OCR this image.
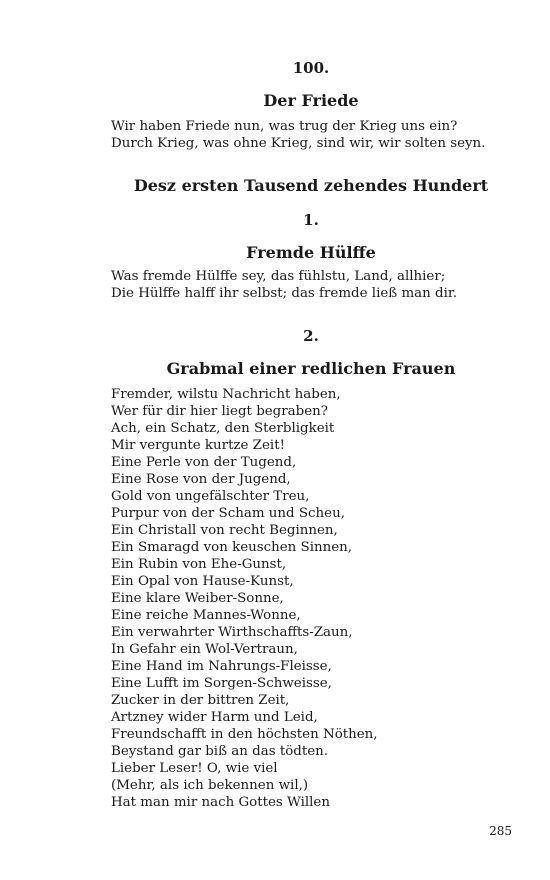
100.
Der Friede
Wir haben Friede nun, was trug der Krieg uns ein?
Durch Krieg, was ohne Krieg, sind wir, wir solten seyn.
Desz ersten Tausend zehendes Hundert
1.
Fremde Hülffe
Was fremde Hülffe sey, das fühlstu, Land, allhier;
Die Hülffe halff ihr selbst; das fremde ließ man dir.
2.
Grabmal einer redlichen Frauen
Fremder, wilstu Nachricht haben,
Wer für dir hier liegt begraben?
Ach, ein Schatz, den Sterbligkeit
Mir vergunte kurtze Zeit!
Eine Perle von der Tugend,
Eine Rose von der Jugend,
Gold von ungefälschter Treu,
Purpur von der Scham und Scheu,
Ein Christall von recht Beginnen,
Ein Smaragd von keuschen Sinnen,
Ein Rubin von Ehe-Gunst,
Ein Opal von Hause-Kunst,
Eine klare Weiber-Sonne,
Eine reiche Mannes-Wonne,
Ein verwahrter Wirthschaffts-Zaun,
In Gefahr ein Wol-Vertraun,
Eine Hand im Nahrungs-Fleisse,
Eine Lufft im Sorgen-Schweisse,
Zucker in der bittren Zeit,
Artzney wider Harm und Leid,
Freundschafft in den höchsten Nöthen,
Beystand gar biß an das tödten.
Lieber Leser! O, wie viel
(Mehr, als ich bekennen wil,)
Hat man mir nach Gottes Willen
285
